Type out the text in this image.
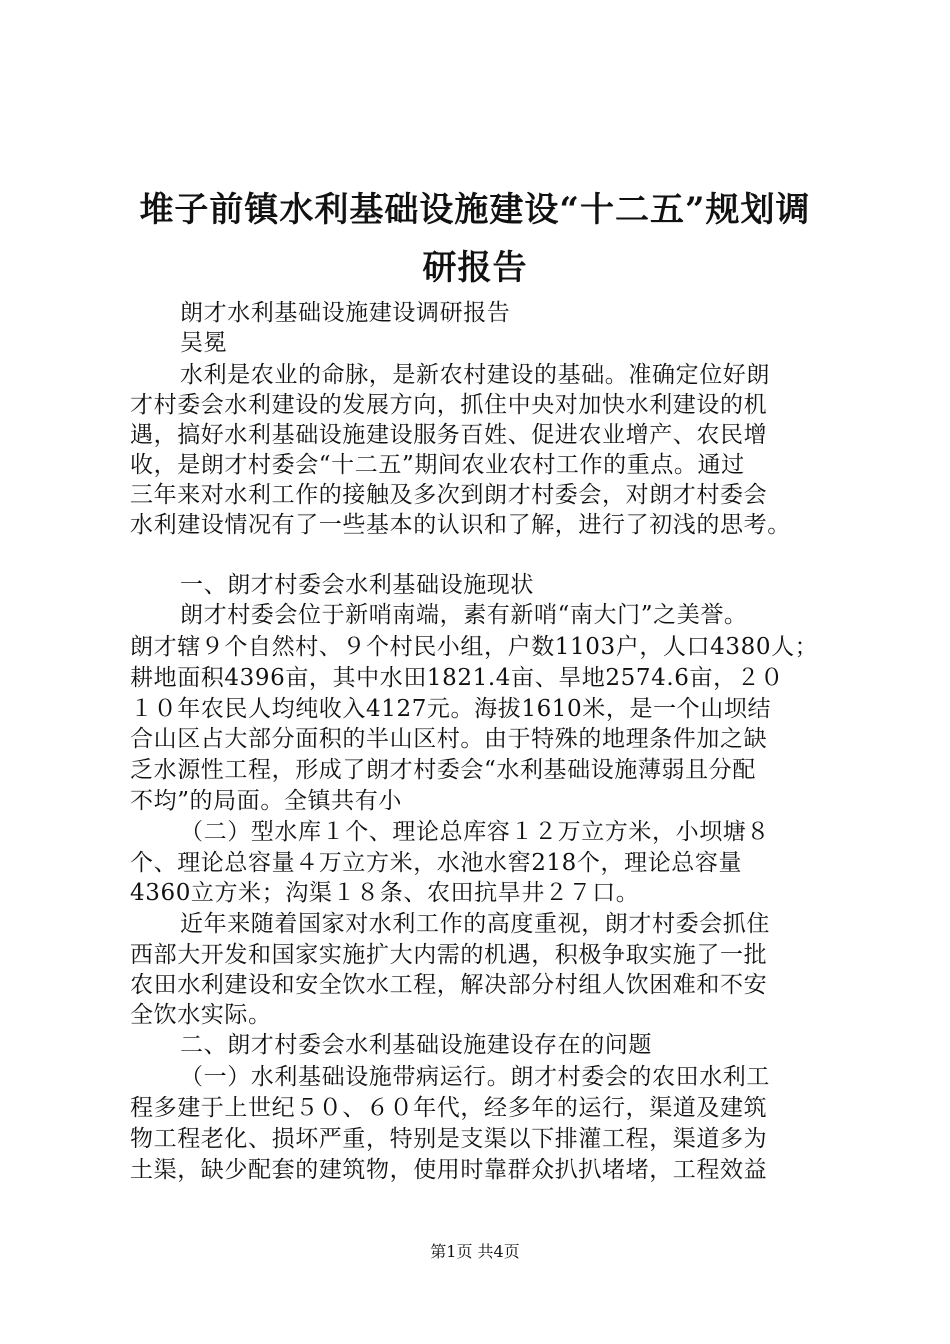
堆子前镇水利基础设施建设“十二五”规划调
研报告
朗才水利基础设施建设调研报告
吴冕
水利是农业的命脉，是新农村建设的基础。准确定位好朗
才村委会水利建设的发展方向，抓住中央对加快水利建设的机
遇，搞好水利基础设施建设服务百姓、促进农业增产、农民增
收，是朗才村委会“十二五”期间农业农村工作的重点。通过
三年来对水利工作的接触及多次到朗才村委会，对朗才村委会
水利建设情况有了一些基本的认识和了解，进行了初浅的思考。
一、朗才村委会水利基础设施现状
朗才村委会位于新哨南端，素有新哨“南大门”之美誉。
朗才辖９个自然村、９个村民小组，户数1103户，人口4380人；
耕地面积4396亩，其中水田1821.4亩、旱地2574.6亩，２０
１０年农民人均纯收入4127元。海拔1610米，是一个山坝结
合山区占大部分面积的半山区村。由于特殊的地理条件加之缺
乏水源性工程，形成了朗才村委会“水利基础设施薄弱且分配
不均”的局面。全镇共有小
（二）型水库１个、理论总库容１２万立方米，小坝塘８
个、理论总容量４万立方米，水池水窖218个，理论总容量
4360立方米；沟渠１８条、农田抗旱井２７口。
近年来随着国家对水利工作的高度重视，朗才村委会抓住
西部大开发和国家实施扩大内需的机遇，积极争取实施了一批
农田水利建设和安全饮水工程，解决部分村组人饮困难和不安
全饮水实际。
二、朗才村委会水利基础设施建设存在的问题
（一）水利基础设施带病运行。朗才村委会的农田水利工
程多建于上世纪５０、６０年代，经多年的运行，渠道及建筑
物工程老化、损坏严重，特别是支渠以下排灌工程，渠道多为
土渠，缺少配套的建筑物，使用时靠群众扒扒堵堵，工程效益
第1页 共4页
